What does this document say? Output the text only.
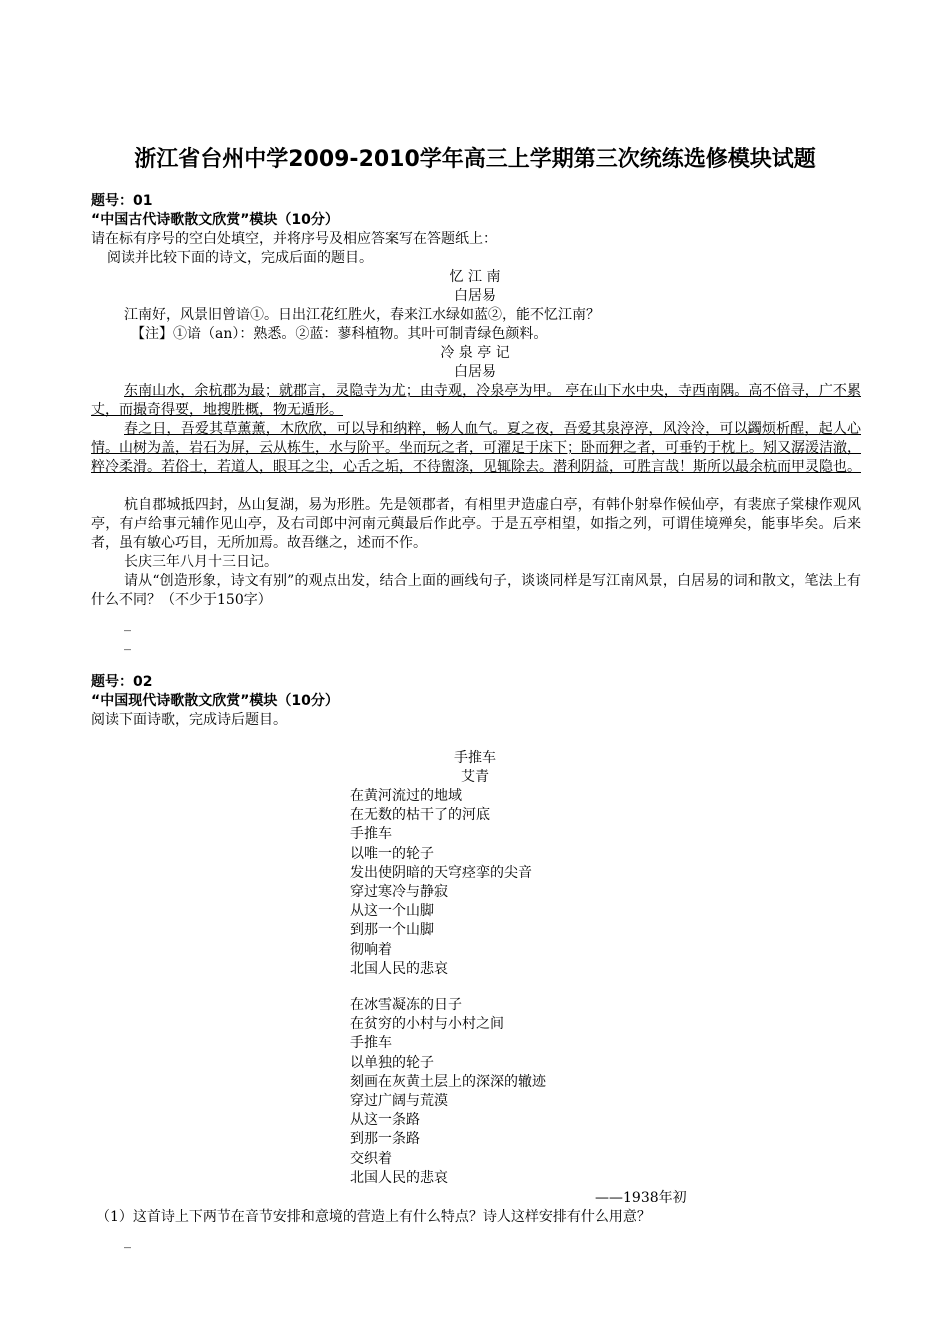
浙江省台州中学2009-2010学年高三上学期第三次统练选修模块试题
题号：01
“中国古代诗歌散文欣赏”模块（10分）
请在标有序号的空白处填空，并将序号及相应答案写在答题纸上：
阅读并比较下面的诗文，完成后面的题目。
忆 江 南
白居易
江南好，风景旧曾谙①。日出江花红胜火，春来江水绿如蓝②，能不忆江南？
【注】①谙（an）：熟悉。②蓝：蓼科植物。其叶可制青绿色颜料。
冷 泉 亭 记
白居易
东南山水，余杭郡为最；就郡言，灵隐寺为尤；由寺观，冷泉亭为甲。 亭在山下水中央，寺西南隅。高不倍寻，广不累丈，而撮奇得要，地搜胜概，物无遁形。
春之日，吾爱其草薰薰，木欣欣，可以导和纳粹，畅人血气。夏之夜，吾爱其泉渟渟，风泠泠，可以蠲烦析酲，起人心情。山树为盖，岩石为屏，云从栋生，水与阶平。坐而玩之者，可濯足于床下；卧而狎之者，可垂钓于枕上。矧又潺湲洁澈，粹冷柔滑。若俗士，若道人，眼耳之尘，心舌之垢，不待盥涤，见辄除去。潜利阴益，可胜言哉！斯所以最余杭而甲灵隐也。
杭自郡城抵四封，丛山复湖，易为形胜。先是领郡者，有相里尹造虚白亭，有韩仆射皋作候仙亭，有裴庶子棠棣作观风亭，有卢给事元辅作见山亭，及右司郎中河南元藇最后作此亭。于是五亭相望，如指之列，可谓佳境殚矣，能事毕矣。后来者，虽有敏心巧目，无所加焉。故吾继之，述而不作。
长庆三年八月十三日记。
请从“创造形象，诗文有别”的观点出发，结合上面的画线句子，谈谈同样是写江南风景，白居易的词和散文，笔法上有什么不同？（不少于150字）
_
_
题号：02
“中国现代诗歌散文欣赏”模块（10分）
阅读下面诗歌，完成诗后题目。
手推车
艾青
在黄河流过的地域
在无数的枯干了的河底
手推车
以唯一的轮子
发出使阴暗的天穹痉挛的尖音
穿过寒冷与静寂
从这一个山脚
到那一个山脚
彻响着
北国人民的悲哀
在冰雪凝冻的日子
在贫穷的小村与小村之间
手推车
以单独的轮子
刻画在灰黄土层上的深深的辙迹
穿过广阔与荒漠
从这一条路
到那一条路
交织着
北国人民的悲哀
——1938年初
（1）这首诗上下两节在音节安排和意境的营造上有什么特点？诗人这样安排有什么用意？
_
